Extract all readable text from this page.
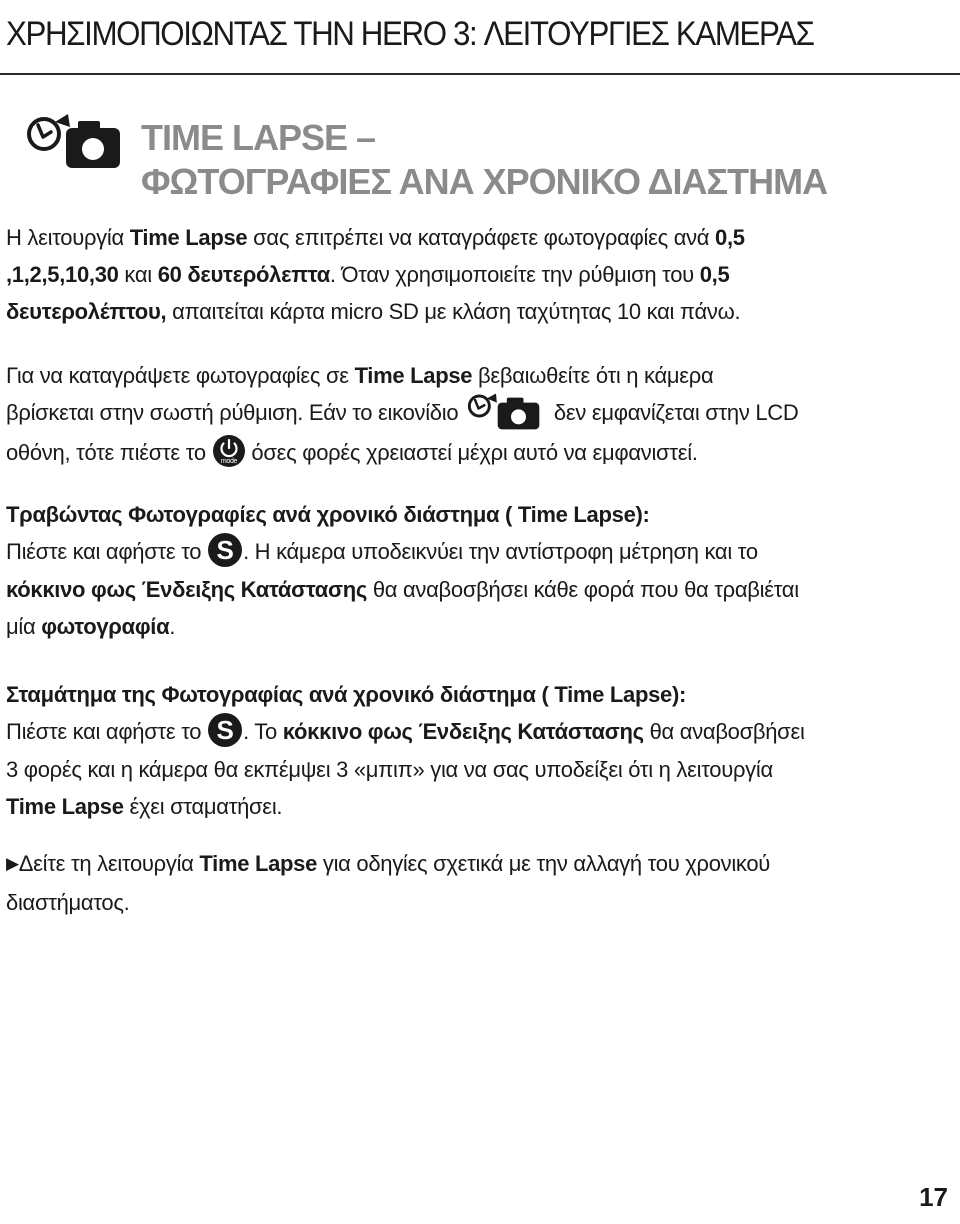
ΧΡΗΣΙΜΟΠΟΙΩΝΤΑΣ ΤΗΝ HERO 3: ΛΕΙΤΟΥΡΓΙΕΣ ΚΑΜΕΡΑΣ
TIME LAPSE –
ΦΩΤΟΓΡΑΦΙΕΣ ΑΝΑ ΧΡΟΝΙΚΟ ΔΙΑΣΤΗΜΑ
Η λειτουργία Time Lapse σας επιτρέπει να καταγράφετε φωτογραφίες ανά 0,5
,1,2,5,10,30 και 60 δευτερόλεπτα. Όταν χρησιμοποιείτε την ρύθμιση του 0,5
δευτερολέπτου, απαιτείται κάρτα micro SD με κλάση ταχύτητας 10 και πάνω.
Για να καταγράψετε φωτογραφίες σε Time Lapse βεβαιωθείτε ότι η κάμερα
βρίσκεται στην σωστή ρύθμιση. Εάν το εικονίδιο	δεν εμφανίζεται στην LCD
οθόνη, τότε πιέστε το mode όσες φορές χρειαστεί μέχρι αυτό να εμφανιστεί.
Τραβώντας Φωτογραφίες ανά χρονικό διάστημα ( Time Lapse):
Πιέστε και αφήστε το S . Η κάμερα υποδεικνύει την αντίστροφη μέτρηση και το
κόκκινο φως Ένδειξης Κατάστασης θα αναβοσβήσει κάθε φορά που θα τραβιέται
μία φωτογραφία.
Σταμάτημα της Φωτογραφίας ανά χρονικό διάστημα ( Time Lapse):
Πιέστε και αφήστε το S . Το κόκκινο φως Ένδειξης Κατάστασης θα αναβοσβήσει
3 φορές και η κάμερα θα εκπέμψει 3 «μπιπ» για να σας υποδείξει ότι η λειτουργία
Time Lapse έχει σταματήσει.
▶Δείτε τη λειτουργία Time Lapse για οδηγίες σχετικά με την αλλαγή του χρονικού
διαστήματος.
17
